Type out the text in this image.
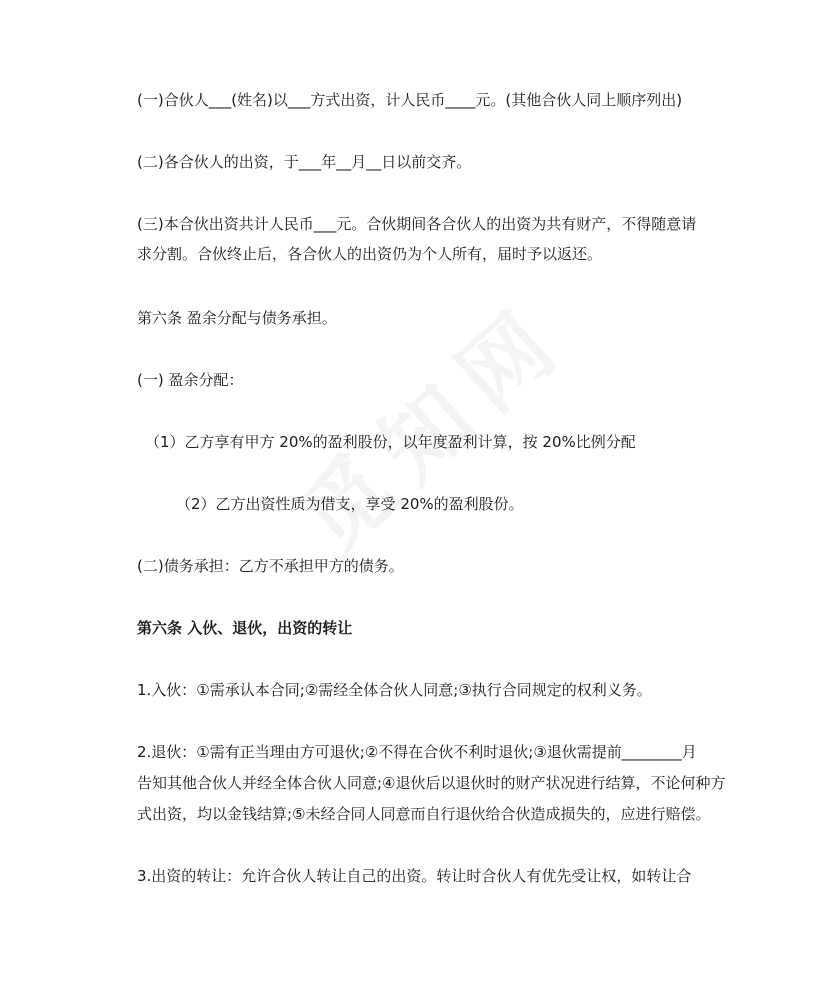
(一)合伙人___(姓名)以___方式出资，计人民币____元。(其他合伙人同上顺序列出)
(二)各合伙人的出资，于___年__月__日以前交齐。
(三)本合伙出资共计人民币___元。合伙期间各合伙人的出资为共有财产，不得随意请
求分割。合伙终止后，各合伙人的出资仍为个人所有，届时予以返还。
第六条 盈余分配与债务承担。
(一) 盈余分配：
（1）乙方享有甲方 20%的盈利股份，以年度盈利计算，按 20%比例分配
（2）乙方出资性质为借支，享受 20%的盈利股份。
(二)债务承担：乙方不承担甲方的债务。
第六条 入伙、退伙，出资的转让
1.入伙：①需承认本合同;②需经全体合伙人同意;③执行合同规定的权利义务。
2.退伙：①需有正当理由方可退伙;②不得在合伙不利时退伙;③退伙需提前________月
告知其他合伙人并经全体合伙人同意;④退伙后以退伙时的财产状况进行结算，不论何种方
式出资，均以金钱结算;⑤未经合同人同意而自行退伙给合伙造成损失的，应进行赔偿。
3.出资的转让：允许合伙人转让自己的出资。转让时合伙人有优先受让权，如转让合
